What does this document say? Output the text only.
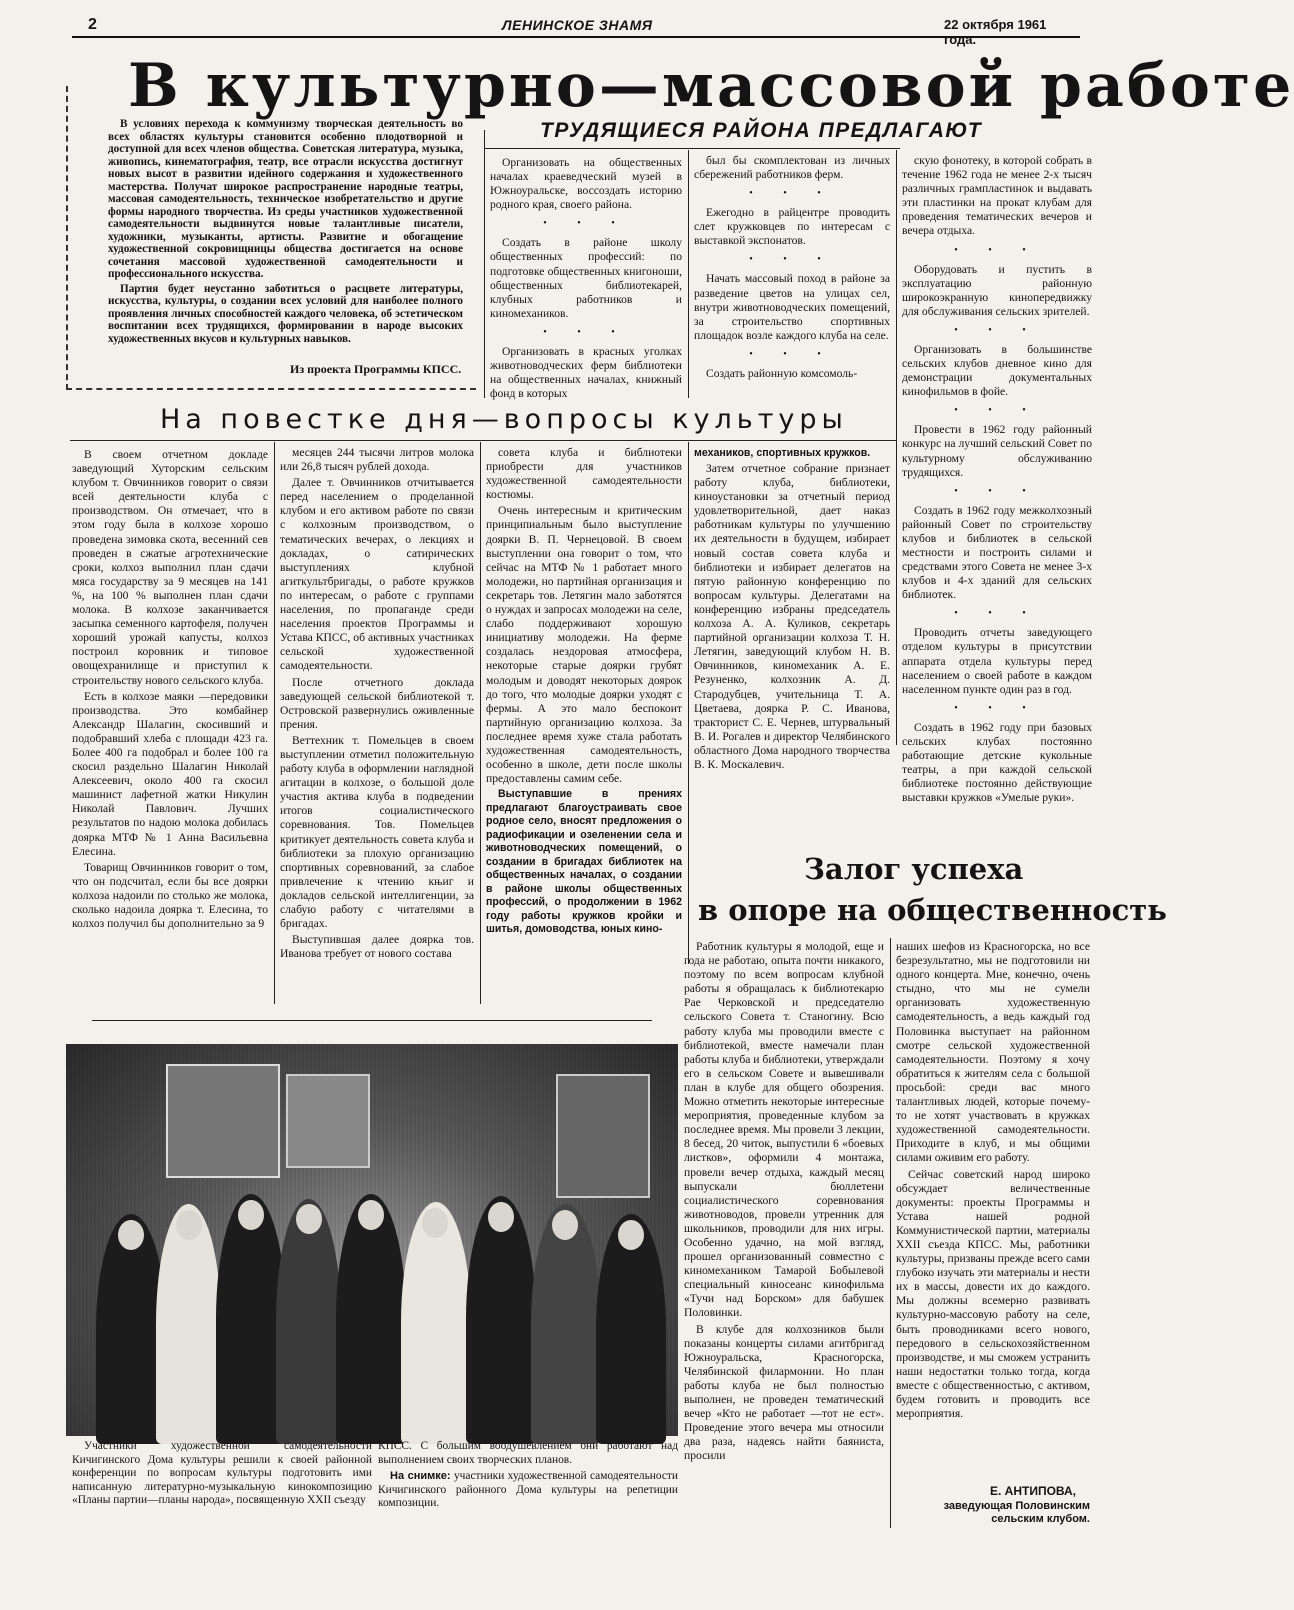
2	ЛЕНИНСКОЕ ЗНАМЯ	22 октября 1961 года.
В культурно—массовой работе

В условиях перехода к коммунизму творческая деятельность во всех областях культуры становится особенно плодотворной и доступной для всех членов общества. Советская литература, музыка, живопись, кинематография, театр, все отрасли искусства достигнут новых высот в развитии идейного содержания и художественного мастерства. Получат широкое распространение народные театры, массовая самодеятельность, техническое изобретательство и другие формы народного творчества. Из среды участников художественной самодеятельности выдвинутся новые талантливые писатели, художники, музыканты, артисты. Развитие и обогащение художественной сокровищницы общества достигается на основе сочетания массовой художественной самодеятельности и профессионального искусства.

Партия будет неустанно заботиться о расцвете литературы, искусства, культуры, о создании всех условий для наиболее полного проявления личных способностей каждого человека, об эстетическом воспитании всех трудящихся, формировании в народе высоких художественных вкусов и культурных навыков.

Из проекта Программы КПСС.
ТРУДЯЩИЕСЯ РАЙОНА ПРЕДЛАГАЮТ

Организовать на общественных началах краеведческий музей в Южноуральске, воссоздать историю родного края, своего района.

• • •

Создать в районе школу общественных профессий: по подготовке общественных книгоноши, общественных библиотекарей, клубных работников и киномехаников.

• • •

Организовать в красных уголках животноводческих ферм библиотеки на общественных началах, книжный фонд в которых

был бы скомплектован из личных сбережений работников ферм.

• • •

Ежегодно в райцентре проводить слет кружковцев по интересам с выставкой экспонатов.

• • •

Начать массовый поход в районе за разведение цветов на улицах сел, внутри животноводческих помещений, за строительство спортивных площадок возле каждого клуба на селе.

• • •

Создать районную комсомоль-

скую фонотеку, в которой собрать в течение 1962 года не менее 2-х тысяч различных грампластинок и выдавать эти пластинки на прокат клубам для проведения тематических вечеров и вечера отдыха.

• • •

Оборудовать и пустить в эксплуатацию районную широкоэкранную кинопередвижку для обслуживания сельских зрителей.

• • •

Организовать в большинстве сельских клубов дневное кино для демонстрации документальных кинофильмов в фойе.

• • •

Провести в 1962 году районный конкурс на лучший сельский Совет по культурному обслуживанию трудящихся.

• • •

Создать в 1962 году межколхозный районный Совет по строительству клубов и библиотек в сельской местности и построить силами и средствами этого Совета не менее 3-х клубов и 4-х зданий для сельских библиотек.

• • •

Проводить отчеты заведующего отделом культуры в присутствии аппарата отдела культуры перед населением о своей работе в каждом населенном пункте один раз в год.

• • •

Создать в 1962 году при базовых сельских клубах постоянно работающие детские кукольные театры, а при каждой сельской библиотеке постоянно действующие выставки кружков «Умелые руки».

На повестке дня—вопросы культуры

В своем отчетном докладе заведующий Хуторским сельским клубом т. Овчинников говорит о связи всей деятельности клуба с производством. Он отмечает, что в этом году была в колхозе хорошо проведена зимовка скота, весенний сев проведен в сжатые агротехнические сроки, колхоз выполнил план сдачи мяса государству за 9 месяцев на 141 %, на 100 % выполнен план сдачи молока. В колхозе заканчивается засыпка семенного картофеля, получен хороший урожай капусты, колхоз построил коровник и типовое овощехранилище и приступил к строительству нового сельского клуба.

Есть в колхозе маяки —передовики производства. Это комбайнер Александр Шалагин, скосивший и подобравший хлеба с площади 423 га. Более 400 га подобрал и более 100 га скосил раздельно Шалагин Николай Алексеевич, около 400 га скосил машинист лафетной жатки Никулин Николай Павлович. Лучших результатов по надою молока добилась доярка МТФ № 1 Анна Васильевна Елесина.

Товарищ Овчинников говорит о том, что он подсчитал, если бы все доярки колхоза надоили по столько же молока, сколько надоила доярка т. Елесина, то колхоз получил бы дополнительно за 9

месяцев 244 тысячи литров молока или 26,8 тысяч рублей дохода.

Далее т. Овчинников отчитывается перед населением о проделанной клубом и его активом работе по связи с колхозным производством, о тематических вечерах, о лекциях и докладах, о сатирических выступлениях клубной агиткультбригады, о работе кружков по интересам, о работе с группами населения, по пропаганде среди населения проектов Программы и Устава КПСС, об активных участниках сельской художественной самодеятельности.

После отчетного доклада заведующей сельской библиотекой т. Островской развернулись оживленные прения.

Веттехник т. Помельцев в своем выступлении отметил положительную работу клуба в оформлении наглядной агитации в колхозе, о большой доле участия актива клуба в подведении итогов социалистического соревнования. Тов. Помельцев критикует деятельность совета клуба и библиотеки за плохую организацию спортивных соревнований, за слабое привлечение к чтению књиг и докладов сельской интеллигенции, за слабую работу с читателями в бригадах.

Выступившая далее доярка тов. Иванова требует от нового состава

совета клуба и библиотеки приобрести для участников художественной самодеятельности костюмы.

Очень интересным и критическим принципиальным было выступление доярки В. П. Чернецовой. В своем выступлении она говорит о том, что сейчас на МТФ № 1 работает много молодежи, но партийная организация и секретарь тов. Летягин мало заботятся о нуждах и запросах молодежи на селе, слабо поддерживают хорошую инициативу молодежи. На ферме создалась нездоровая атмосфера, некоторые старые доярки грубят молодым и доводят некоторых доярок до того, что молодые доярки уходят с фермы. А это мало беспокоит партийную организацию колхоза. За последнее время хуже стала работать художественная самодеятельность, особенно в школе, дети после школы предоставлены самим себе.

Выступавшие в прениях предлагают благоустраивать свое родное село, вносят предложения о радиофикации и озеленении села и животноводческих помещений, о создании в бригадах библиотек на общественных началах, о создании в районе школы общественных профессий, о продолжении в 1962 году работы кружков кройки и шитья, домоводства, юных кино-

механиков, спортивных кружков.

Затем отчетное собрание признает работу клуба, библиотеки, киноустановки за отчетный период удовлетворительной, дает наказ работникам культуры по улучшению их деятельности в будущем, избирает новый состав совета клуба и библиотеки и избирает делегатов на пятую районную конференцию по вопросам культуры. Делегатами на конференцию избраны председатель колхоза А. А. Куликов, секретарь партийной организации колхоза Т. Н. Летягин, заведующий клубом Н. В. Овчинников, киномеханик А. Е. Резуненко, колхозник А. Д. Стародубцев, учительница Т. А. Цветаева, доярка Р. С. Иванова, тракторист С. Е. Чернев, штурвальный В. И. Рогалев и директор Челябинского областного Дома народного творчества В. К. Москалевич.

Участники художественной самодеятельности Кичигинского Дома культуры решили к своей районной конференции по вопросам культуры подготовить ими написанную литературно-музыкальную кинокомпозицию «Планы партии—планы народа», посвященную XXII съезду

КПСС. С большим воодушевлением они работают над выполнением своих творческих планов.

На снимке: участники художественной самодеятельности Кичигинского районного Дома культуры на репетиции композиции.

Залог успеха
в опоре на общественность

Работник культуры я молодой, еще и года не работаю, опыта почти никакого, поэтому по всем вопросам клубной работы я обращалась к библиотекарю Рае Черковской и председателю сельского Совета т. Станогину. Всю работу клуба мы проводили вместе с библиотекой, вместе намечали план работы клуба и библиотеки, утверждали его в сельском Совете и вывешивали план в клубе для общего обозрения. Можно отметить некоторые интересные мероприятия, проведенные клубом за последнее время. Мы провели 3 лекции, 8 бесед, 20 читок, выпустили 6 «боевых листков», оформили 4 монтажа, провели вечер отдыха, каждый месяц выпускали бюллетени социалистического соревнования животноводов, провели утренник для школьников, проводили для них игры. Особенно удачно, на мой взгляд, прошел организованный совместно с киномехаником Тамарой Бобылевой специальный киносеанс кинофильма «Тучи над Борском» для бабушек Половинки.

В клубе для колхозников были показаны концерты силами агитбригад Южноуральска, Красногорска, Челябинской филармонии. Но план работы клуба не был полностью выполнен, не проведен тематический вечер «Кто не работает —тот не ест». Проведение этого вечера мы относили два раза, надеясь найти баяниста, просили

наших шефов из Красногорска, но все безрезультатно, мы не подготовили ни одного концерта. Мне, конечно, очень стыдно, что мы не сумели организовать художественную самодеятельность, а ведь каждый год Половинка выступает на районном смотре сельской художественной самодеятельности. Поэтому я хочу обратиться к жителям села с большой просьбой: среди вас много талантливых людей, которые почему-то не хотят участвовать в кружках художественной самодеятельности. Приходите в клуб, и мы общими силами оживим его работу.

Сейчас советский народ широко обсуждает величественные документы: проекты Программы и Устава нашей родной Коммунистической партии, материалы XXII съезда КПСС. Мы, работники культуры, призваны прежде всего сами глубоко изучать эти материалы и нести их в массы, довести их до каждого. Мы должны всемерно развивать культурно-массовую работу на селе, быть проводниками всего нового, передового в сельскохозяйственном производстве, и мы сможем устранить наши недостатки только тогда, когда вместе с общественностью, с активом, будем готовить и проводить все мероприятия.

Е. АНТИПОВА,
заведующая Половинским сельским клубом.
